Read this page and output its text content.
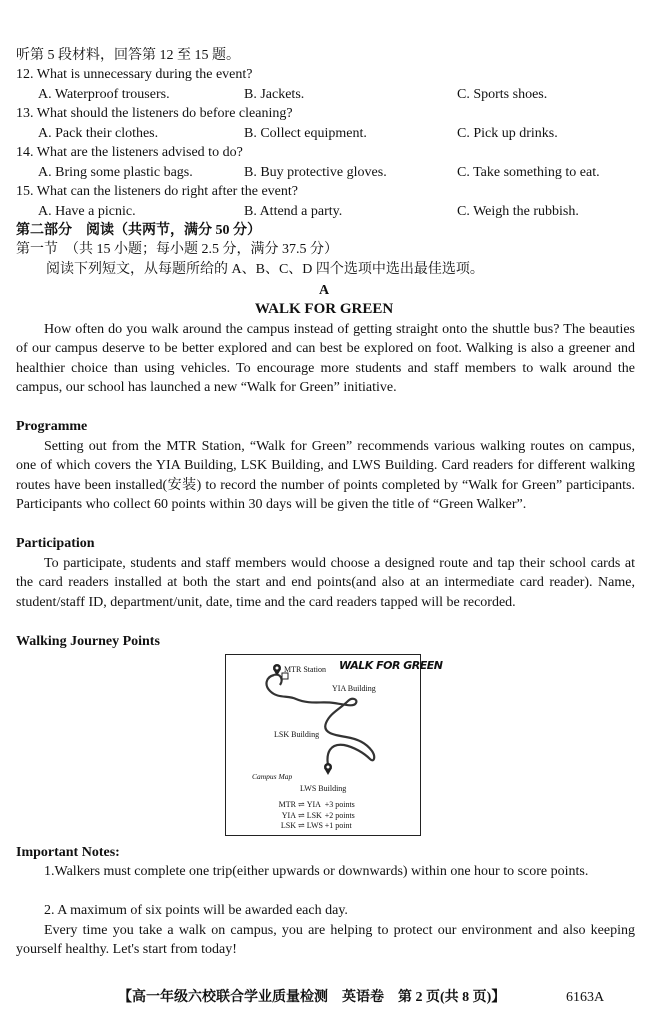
听第 5 段材料，回答第 12 至 15 题。
12. What is unnecessary during the event?
A. Waterproof trousers.	B. Jackets.	C. Sports shoes.
13. What should the listeners do before cleaning?
A. Pack their clothes.	B. Collect equipment.	C. Pick up drinks.
14. What are the listeners advised to do?
A. Bring some plastic bags.	B. Buy protective gloves.	C. Take something to eat.
15. What can the listeners do right after the event?
A. Have a picnic.	B. Attend a party.	C. Weigh the rubbish.
第二部分　阅读（共两节，满分 50 分）
第一节　（共 15 小题；每小题 2.5 分，满分 37.5 分）
阅读下列短文，从每题所给的 A、B、C、D 四个选项中选出最佳选项。
A
WALK FOR GREEN

How often do you walk around the campus instead of getting straight onto the shuttle bus? The beauties of our campus deserve to be better explored and can best be explored on foot. Walking is also a greener and healthier choice than using vehicles. To encourage more students and staff members to walk around the campus, our school has launched a new “Walk for Green” initiative.

Programme

Setting out from the MTR Station, “Walk for Green” recommends various walking routes on campus, one of which covers the YIA Building, LSK Building, and LWS Building. Card readers for different walking routes have been installed(安装) to record the number of points completed by “Walk for Green” participants. Participants who collect 60 points within 30 days will be given the title of “Green Walker”.

Participation

To participate, students and staff members would choose a designed route and tap their school cards at the card readers installed at both the start and end points(and also at an intermediate card reader). Name, student/staff ID, department/unit, date, time and the card readers tapped will be recorded.

Walking Journey Points
WALK FOR GREEN
MTR Station
YIA Building
LSK Building
Campus Map
LWS Building
MTR ⇌ YIA +3 points
YIA ⇌ LSK +2 points
LSK ⇌ LWS +1 point
Important Notes:

1.Walkers must complete one trip(either upwards or downwards) within one hour to score points.

2. A maximum of six points will be awarded each day.

Every time you take a walk on campus, you are helping to protect our environment and also keeping yourself healthy. Let's start from today!

【高一年级六校联合学业质量检测　英语卷　第 2 页(共 8 页)】	6163A
